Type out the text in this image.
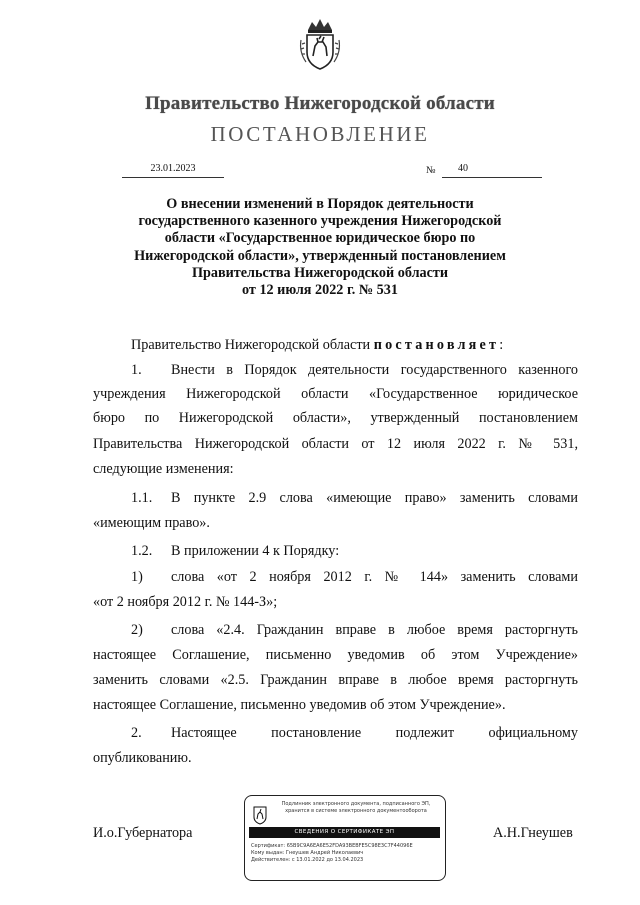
Правительство Нижегородской области
ПОСТАНОВЛЕНИЕ
23.01.2023	№ 40
О внесении изменений в Порядок деятельности
государственного казенного учреждения Нижегородской
области «Государственное юридическое бюро по
Нижегородской области», утвержденный постановлением
Правительства Нижегородской области
от 12 июля 2022 г. № 531
Правительство Нижегородской области постановляет:
1. Внести в Порядок деятельности государственного казенного
учреждения Нижегородской области «Государственное юридическое
бюро по Нижегородской области», утвержденный постановлением
Правительства Нижегородской области от 12 июля 2022 г. № 531,
следующие изменения:
1.1. В пункте 2.9 слова «имеющие право» заменить словами
«имеющим право».
1.2. В приложении 4 к Порядку:
1) слова «от 2 ноября 2012 г. № 144» заменить словами
«от 2 ноября 2012 г. № 144-З»;
2) слова «2.4. Гражданин вправе в любое время расторгнуть
настоящее Соглашение, письменно уведомив об этом Учреждение»
заменить словами «2.5. Гражданин вправе в любое время расторгнуть
настоящее Соглашение, письменно уведомив об этом Учреждение».
2. Настоящее постановление подлежит официальному
опубликованию.
И.о.Губернатора	А.Н.Гнеушев
Подлинник электронного документа, подписанного ЭП,
хранится в системе электронного документооборота
СВЕДЕНИЯ О СЕРТИФИКАТЕ ЭП
Сертификат: 65B9C9A6EA6E52FDA93BEBFE5C98E3C7F44096E
Кому выдан: Гнеушев Андрей Николаевич
Действителен: с 13.01.2022 до 13.04.2023
